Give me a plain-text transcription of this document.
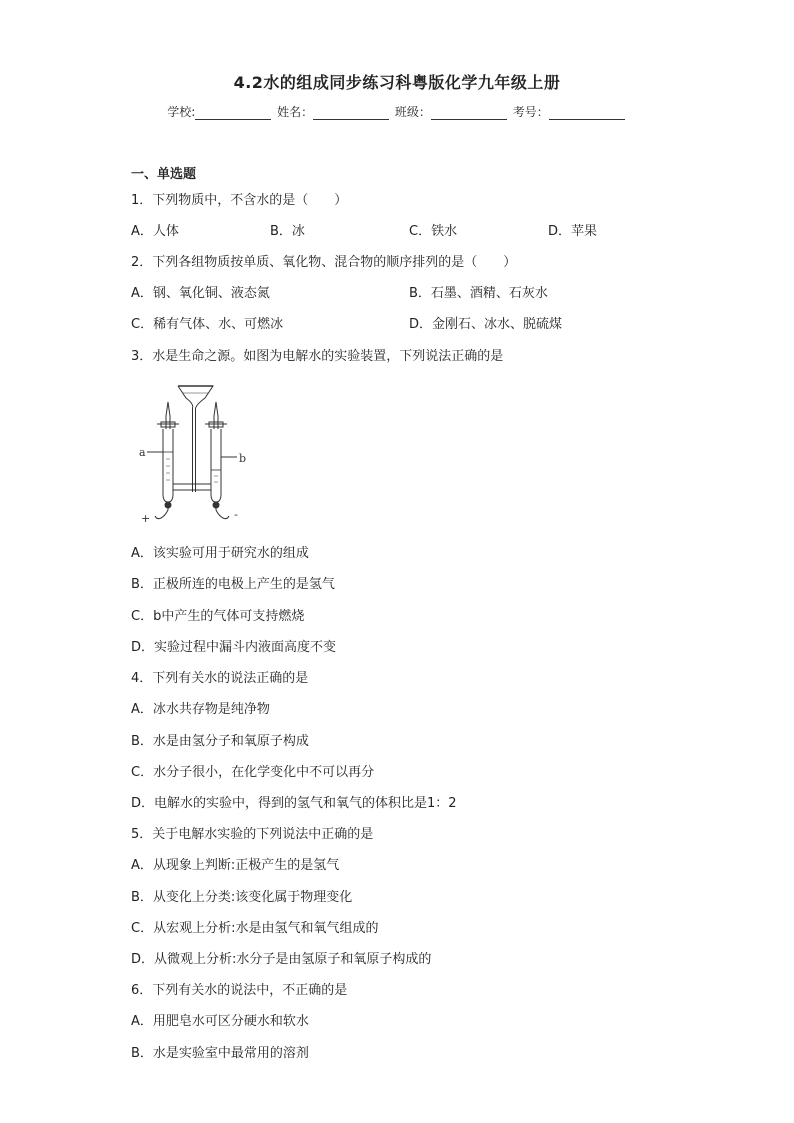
4.2水的组成同步练习科粤版化学九年级上册
学校:	姓名：	班级：	考号：
一、单选题
1．下列物质中，不含水的是（　　）
A．人体	B．冰	C．铁水	D．苹果
2．下列各组物质按单质、氧化物、混合物的顺序排列的是（　　）
A．钢、氧化铜、液态氮	B．石墨、酒精、石灰水
C．稀有气体、水、可燃冰	D．金刚石、冰水、脱硫煤
3．水是生命之源。如图为电解水的实验装置，下列说法正确的是
a	b
+	-
A．该实验可用于研究水的组成
B．正极所连的电极上产生的是氢气
C．b中产生的气体可支持燃烧
D．实验过程中漏斗内液面高度不变
4．下列有关水的说法正确的是
A．冰水共存物是纯净物
B．水是由氢分子和氧原子构成
C．水分子很小，在化学变化中不可以再分
D．电解水的实验中，得到的氢气和氧气的体积比是1：2
5．关于电解水实验的下列说法中正确的是
A．从现象上判断:正极产生的是氢气
B．从变化上分类:该变化属于物理变化
C．从宏观上分析:水是由氢气和氧气组成的
D．从微观上分析:水分子是由氢原子和氧原子构成的
6．下列有关水的说法中，不正确的是
A．用肥皂水可区分硬水和软水
B．水是实验室中最常用的溶剂
